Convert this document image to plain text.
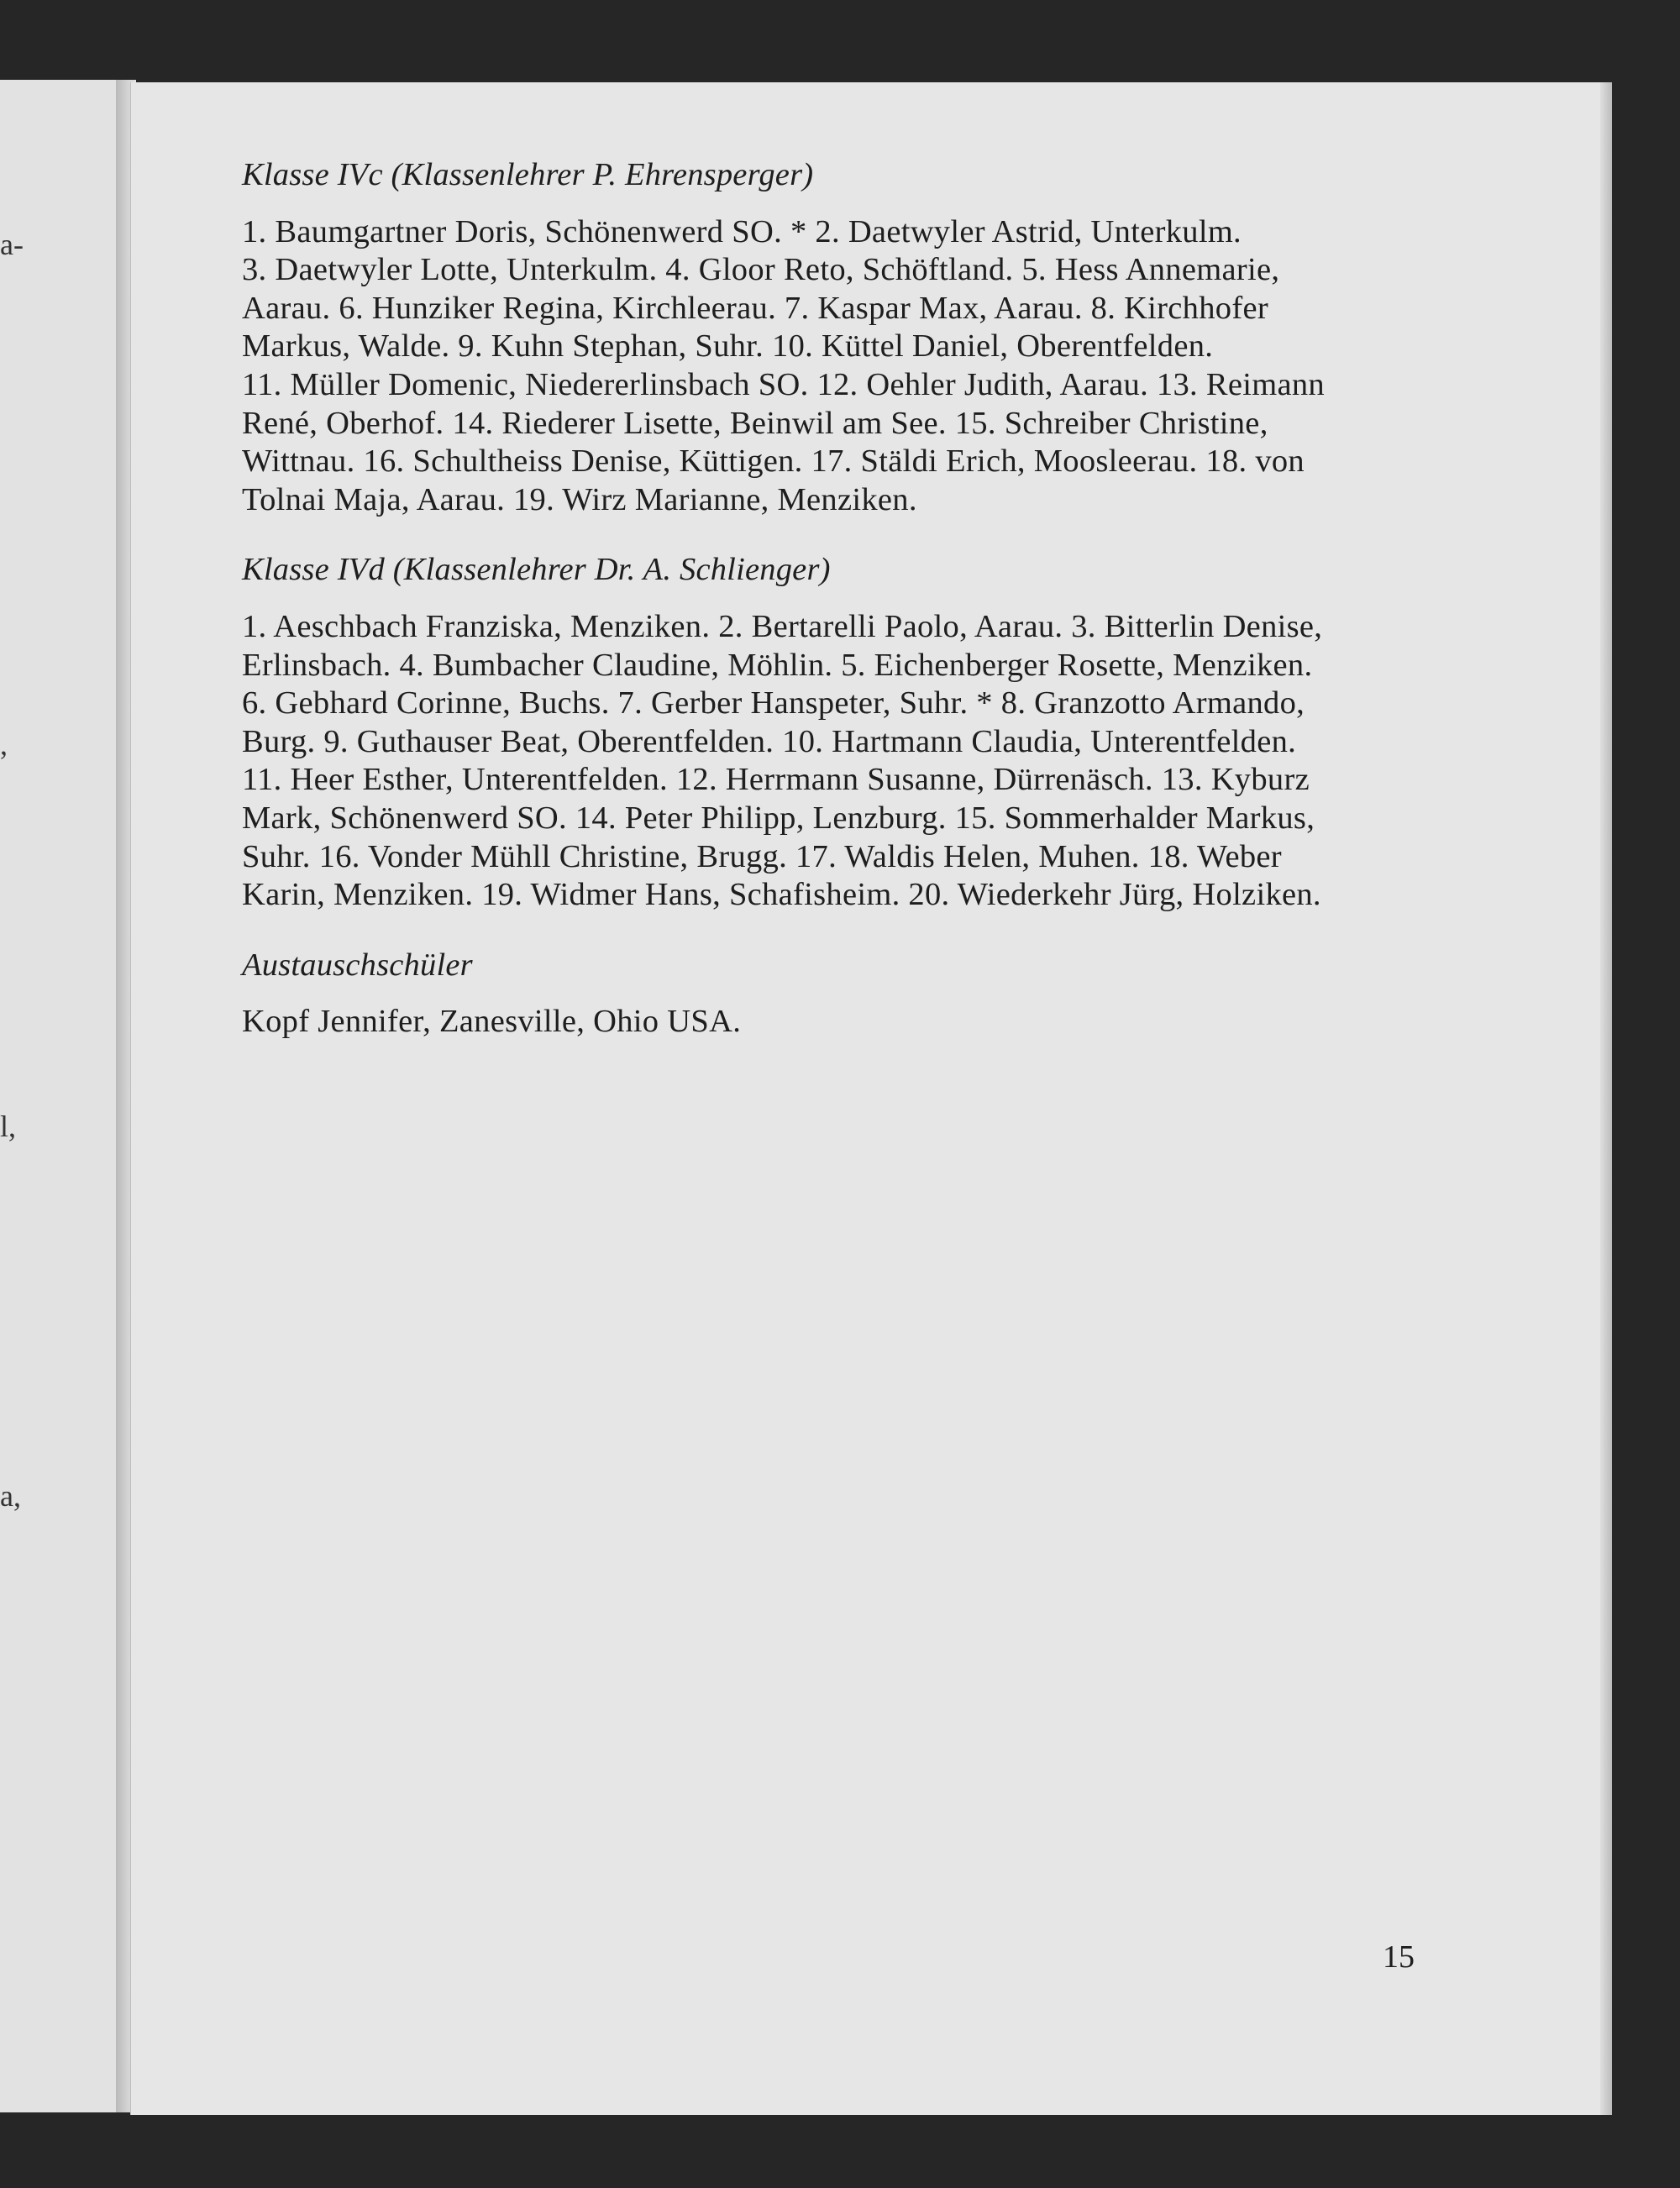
a-
,
l,
a,
Klasse IVc (Klassenlehrer P. Ehrensperger)
1. Baumgartner Doris, Schönenwerd SO. * 2. Daetwyler Astrid, Unterkulm.
3. Daetwyler Lotte, Unterkulm. 4. Gloor Reto, Schöftland. 5. Hess Annemarie,
Aarau. 6. Hunziker Regina, Kirchleerau. 7. Kaspar Max, Aarau. 8. Kirchhofer
Markus, Walde. 9. Kuhn Stephan, Suhr. 10. Küttel Daniel, Oberentfelden.
11. Müller Domenic, Niedererlinsbach SO. 12. Oehler Judith, Aarau. 13. Reimann
René, Oberhof. 14. Riederer Lisette, Beinwil am See. 15. Schreiber Christine,
Wittnau. 16. Schultheiss Denise, Küttigen. 17. Stäldi Erich, Moosleerau. 18. von
Tolnai Maja, Aarau. 19. Wirz Marianne, Menziken.
Klasse IVd (Klassenlehrer Dr. A. Schlienger)
1. Aeschbach Franziska, Menziken. 2. Bertarelli Paolo, Aarau. 3. Bitterlin Denise,
Erlinsbach. 4. Bumbacher Claudine, Möhlin. 5. Eichenberger Rosette, Menziken.
6. Gebhard Corinne, Buchs. 7. Gerber Hanspeter, Suhr. * 8. Granzotto Armando,
Burg. 9. Guthauser Beat, Oberentfelden. 10. Hartmann Claudia, Unterentfelden.
11. Heer Esther, Unterentfelden. 12. Herrmann Susanne, Dürrenäsch. 13. Kyburz
Mark, Schönenwerd SO. 14. Peter Philipp, Lenzburg. 15. Sommerhalder Markus,
Suhr. 16. Vonder Mühll Christine, Brugg. 17. Waldis Helen, Muhen. 18. Weber
Karin, Menziken. 19. Widmer Hans, Schafisheim. 20. Wiederkehr Jürg, Holziken.
Austauschschüler
Kopf Jennifer, Zanesville, Ohio USA.
15
